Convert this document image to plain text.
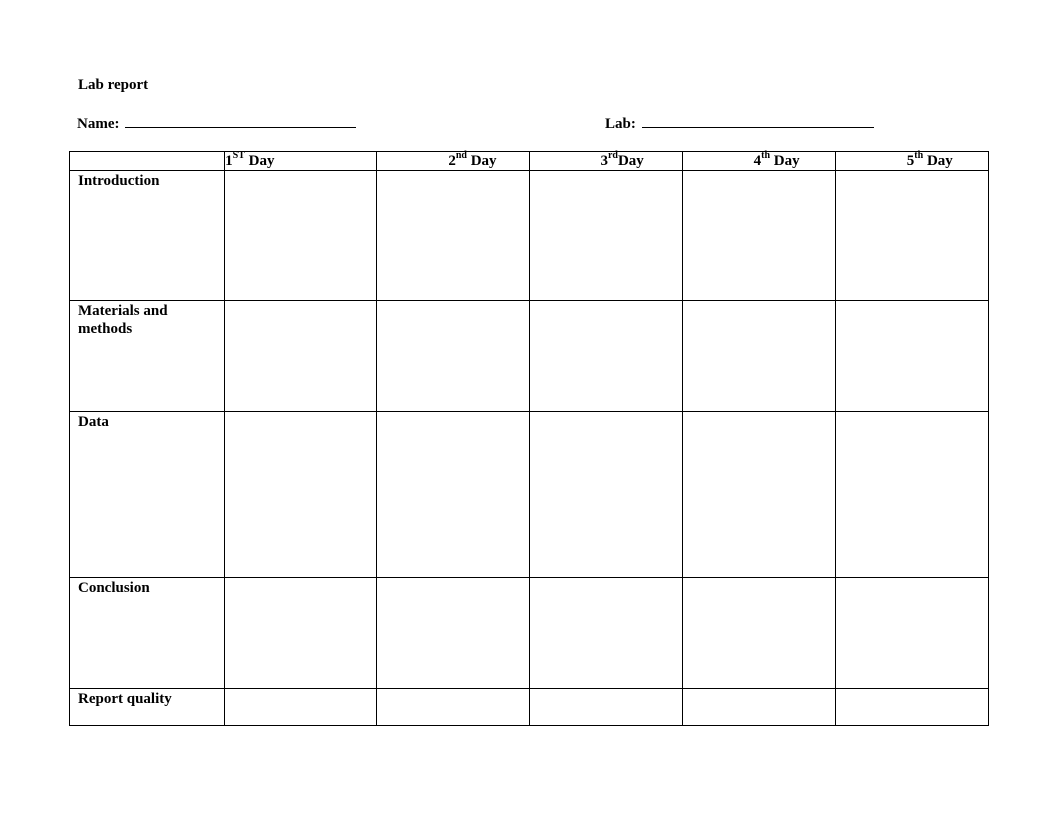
Lab report
Name:	Lab:

	1ST Day	2nd Day	3rdDay	4th Day	5th Day

Introduction					
Materials and methods					
Data					
Conclusion					
Report quality					
